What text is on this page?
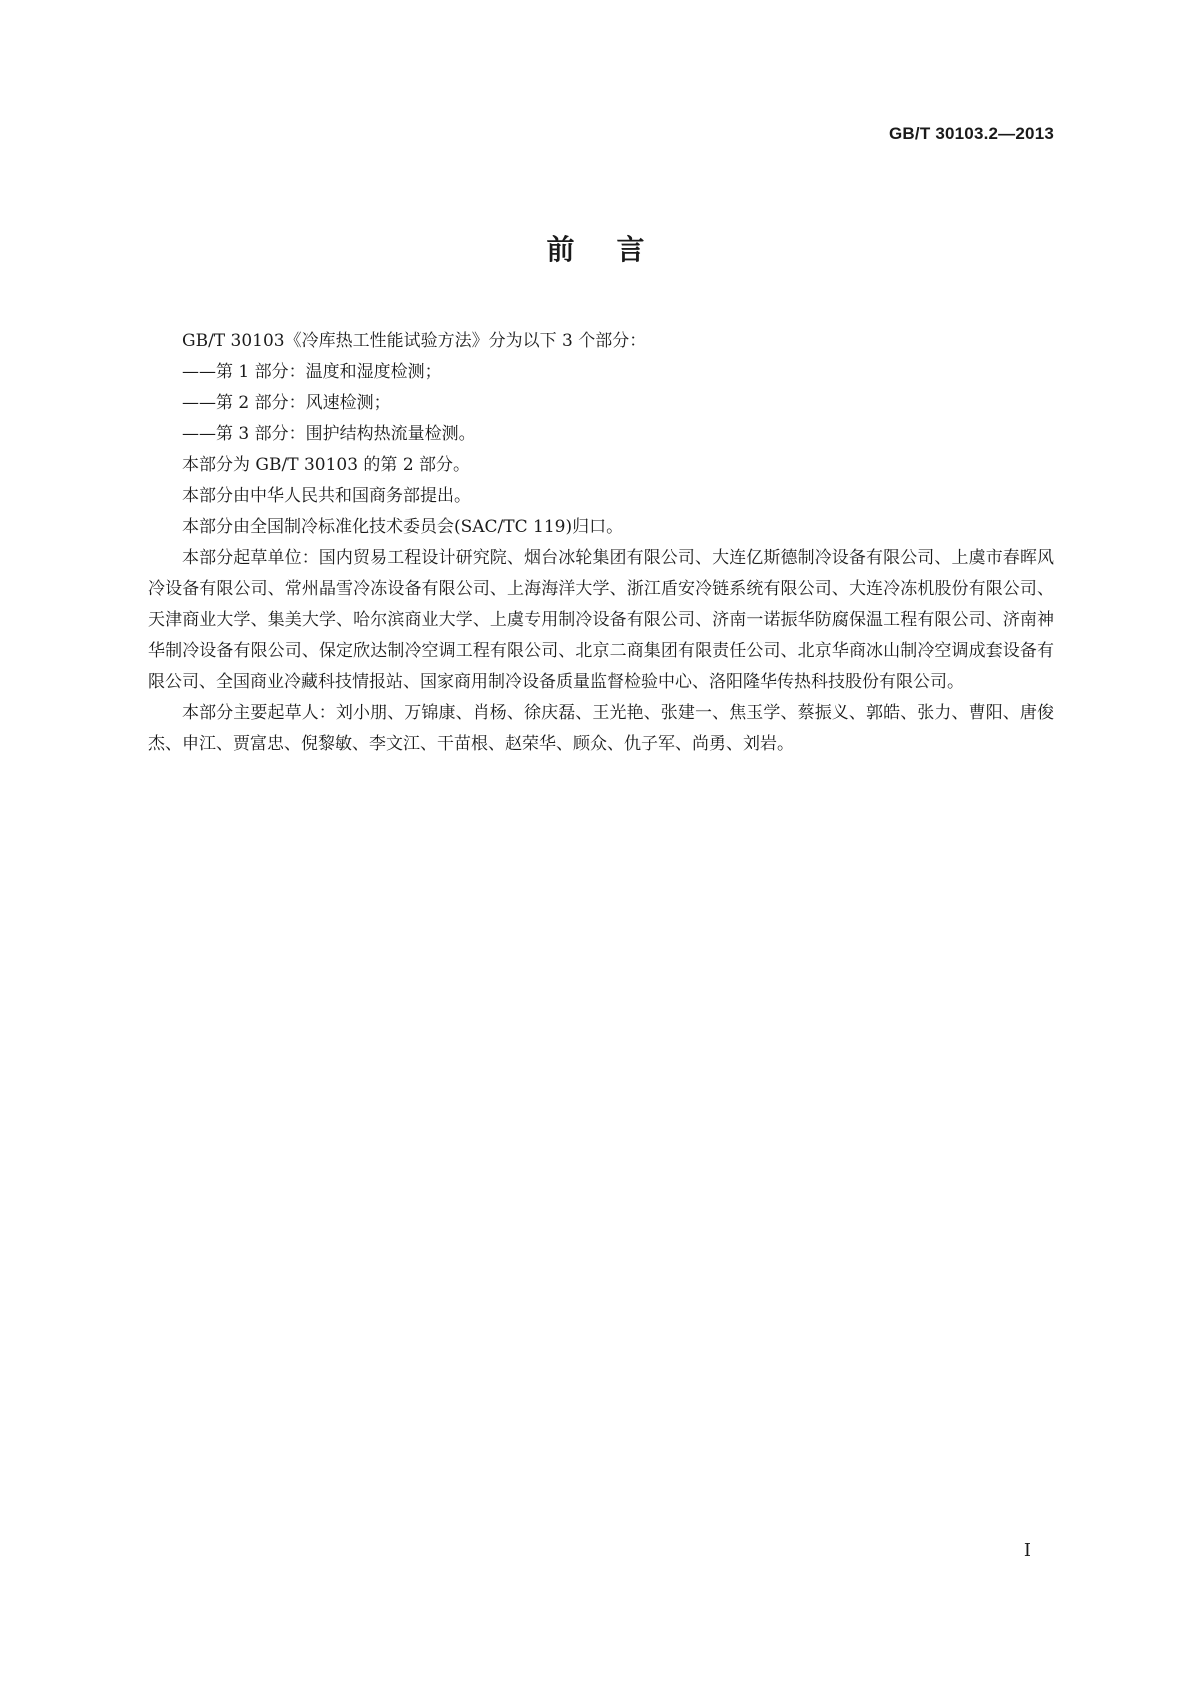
GB/T 30103.2—2013
前言

GB/T 30103《冷库热工性能试验方法》分为以下 3 个部分：

——第 1 部分：温度和湿度检测；

——第 2 部分：风速检测；

——第 3 部分：围护结构热流量检测。

本部分为 GB/T 30103 的第 2 部分。

本部分由中华人民共和国商务部提出。

本部分由全国制冷标准化技术委员会(SAC/TC 119)归口。

本部分起草单位：国内贸易工程设计研究院、烟台冰轮集团有限公司、大连亿斯德制冷设备有限公司、上虞市春晖风冷设备有限公司、常州晶雪冷冻设备有限公司、上海海洋大学、浙江盾安冷链系统有限公司、大连冷冻机股份有限公司、天津商业大学、集美大学、哈尔滨商业大学、上虞专用制冷设备有限公司、济南一诺振华防腐保温工程有限公司、济南神华制冷设备有限公司、保定欣达制冷空调工程有限公司、北京二商集团有限责任公司、北京华商冰山制冷空调成套设备有限公司、全国商业冷藏科技情报站、国家商用制冷设备质量监督检验中心、洛阳隆华传热科技股份有限公司。

本部分主要起草人：刘小朋、万锦康、肖杨、徐庆磊、王光艳、张建一、焦玉学、蔡振义、郭皓、张力、曹阳、唐俊杰、申江、贾富忠、倪黎敏、李文江、干苗根、赵荣华、顾众、仇子军、尚勇、刘岩。

I
